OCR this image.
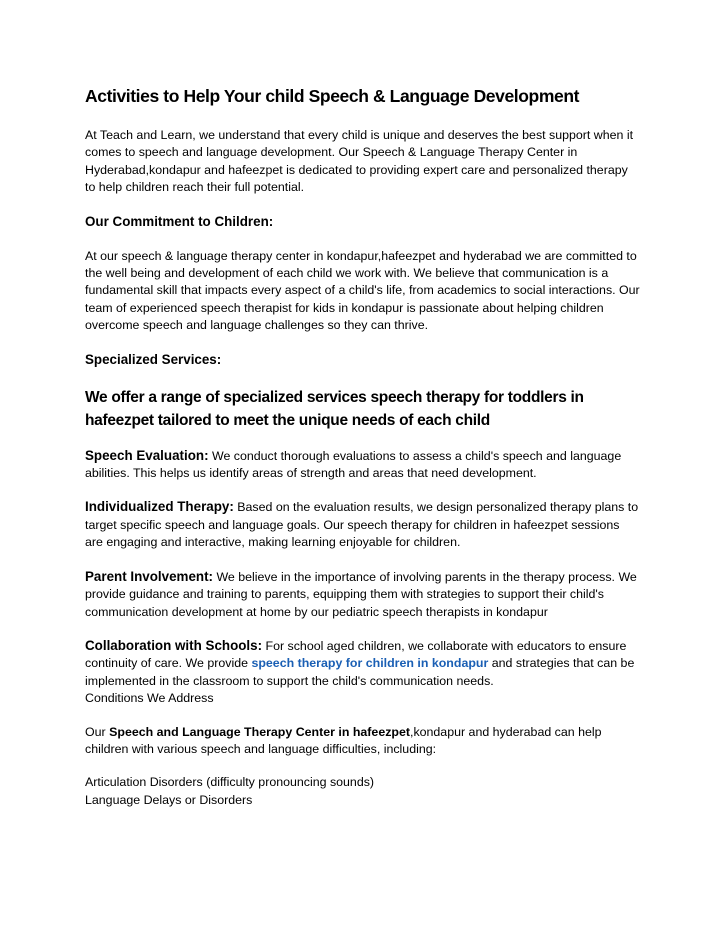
Activities to Help Your child Speech & Language Development

At Teach and Learn, we understand that every child is unique and deserves the best support when it comes to speech and language development. Our Speech & Language Therapy Center in Hyderabad,kondapur and hafeezpet is dedicated to providing expert care and personalized therapy to help children reach their full potential.

Our Commitment to Children:

At our speech & language therapy center in kondapur,hafeezpet and hyderabad we are committed to the well being and development of each child we work with. We believe that communication is a fundamental skill that impacts every aspect of a child's life, from academics to social interactions. Our team of experienced speech therapist for kids in kondapur is passionate about helping children overcome speech and language challenges so they can thrive.

Specialized Services:
We offer a range of specialized services speech therapy for toddlers in hafeezpet tailored to meet the unique needs of each child

Speech Evaluation: We conduct thorough evaluations to assess a child's speech and language abilities. This helps us identify areas of strength and areas that need development.

Individualized Therapy: Based on the evaluation results, we design personalized therapy plans to target specific speech and language goals. Our speech therapy for children in hafeezpet sessions are engaging and interactive, making learning enjoyable for children.

Parent Involvement: We believe in the importance of involving parents in the therapy process. We provide guidance and training to parents, equipping them with strategies to support their child's communication development at home by our pediatric speech therapists in kondapur

Collaboration with Schools: For school aged children, we collaborate with educators to ensure continuity of care. We provide speech therapy for children in kondapur and strategies that can be implemented in the classroom to support the child's communication needs.

Conditions We Address

Our Speech and Language Therapy Center in hafeezpet,kondapur and hyderabad can help children with various speech and language difficulties, including:

Articulation Disorders (difficulty pronouncing sounds)

Language Delays or Disorders
